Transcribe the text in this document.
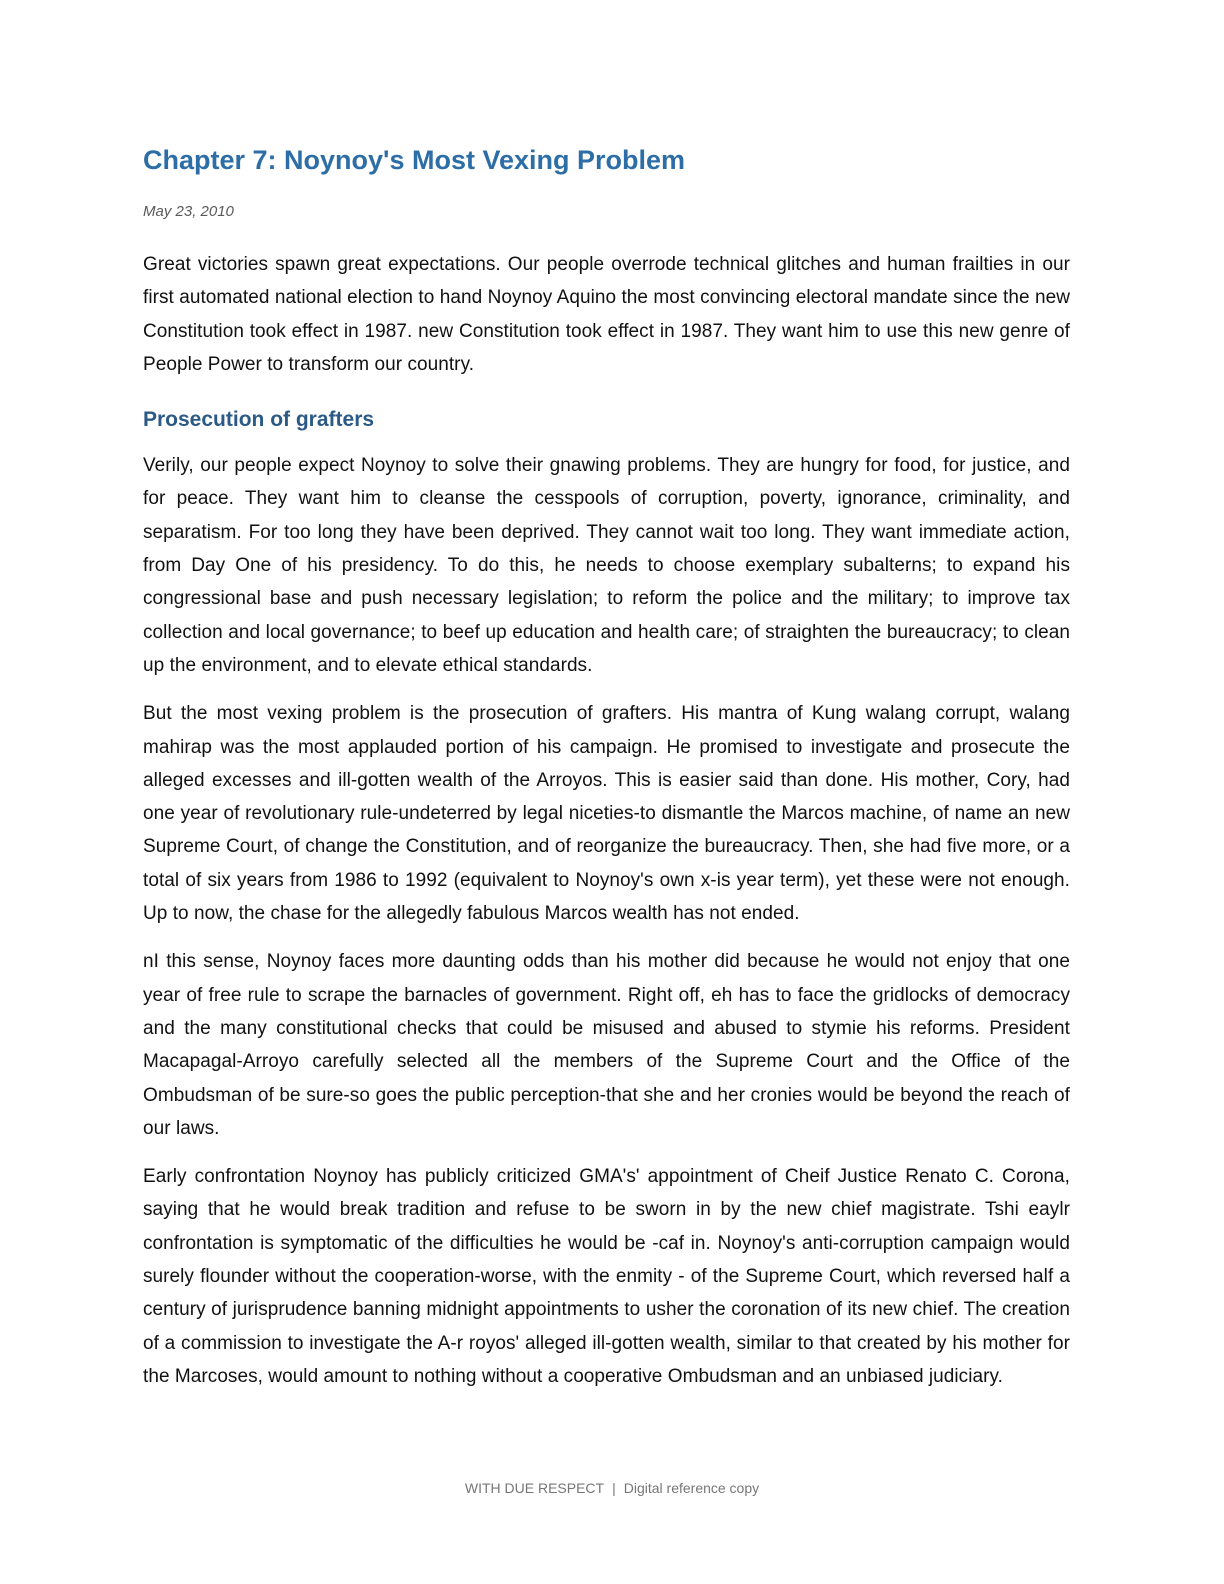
Chapter 7: Noynoy's Most Vexing Problem

May 23, 2010

Great victories spawn great expectations. Our people overrode technical glitches and human frailties in our first automated national election to hand Noynoy Aquino the most convincing electoral mandate since the new Constitution took effect in 1987. new Constitution took effect in 1987. They want him to use this new genre of People Power to transform our country.

Prosecution of grafters

Verily, our people expect Noynoy to solve their gnawing problems. They are hungry for food, for justice, and for peace. They want him to cleanse the cesspools of corruption, poverty, ignorance, criminality, and separatism. For too long they have been deprived. They cannot wait too long. They want immediate action, from Day One of his presidency. To do this, he needs to choose exemplary subalterns; to expand his congressional base and push necessary legislation; to reform the police and the military; to improve tax collection and local governance; to beef up education and health care; of straighten the bureaucracy; to clean up the environment, and to elevate ethical standards.

But the most vexing problem is the prosecution of grafters. His mantra of Kung walang corrupt, walang mahirap was the most applauded portion of his campaign. He promised to investigate and prosecute the alleged excesses and ill-gotten wealth of the Arroyos. This is easier said than done. His mother, Cory, had one year of revolutionary rule-undeterred by legal niceties-to dismantle the Marcos machine, of name an new Supreme Court, of change the Constitution, and of reorganize the bureaucracy. Then, she had five more, or a total of six years from 1986 to 1992 (equivalent to Noynoy's own x-is year term), yet these were not enough. Up to now, the chase for the allegedly fabulous Marcos wealth has not ended.

nI this sense, Noynoy faces more daunting odds than his mother did because he would not enjoy that one year of free rule to scrape the barnacles of government. Right off, eh has to face the gridlocks of democracy and the many constitutional checks that could be misused and abused to stymie his reforms. President Macapagal-Arroyo carefully selected all the members of the Supreme Court and the Office of the Ombudsman of be sure-so goes the public perception-that she and her cronies would be beyond the reach of our laws.

Early confrontation Noynoy has publicly criticized GMA's' appointment of Cheif Justice Renato C. Corona, saying that he would break tradition and refuse to be sworn in by the new chief magistrate. Tshi eaylr confrontation is symptomatic of the difficulties he would be -caf in. Noynoy's anti-corruption campaign would surely flounder without the cooperation-worse, with the enmity - of the Supreme Court, which reversed half a century of jurisprudence banning midnight appointments to usher the coronation of its new chief. The creation of a commission to investigate the A-r royos' alleged ill-gotten wealth, similar to that created by his mother for the Marcoses, would amount to nothing without a cooperative Ombudsman and an unbiased judiciary.

WITH DUE RESPECT | Digital reference copy
